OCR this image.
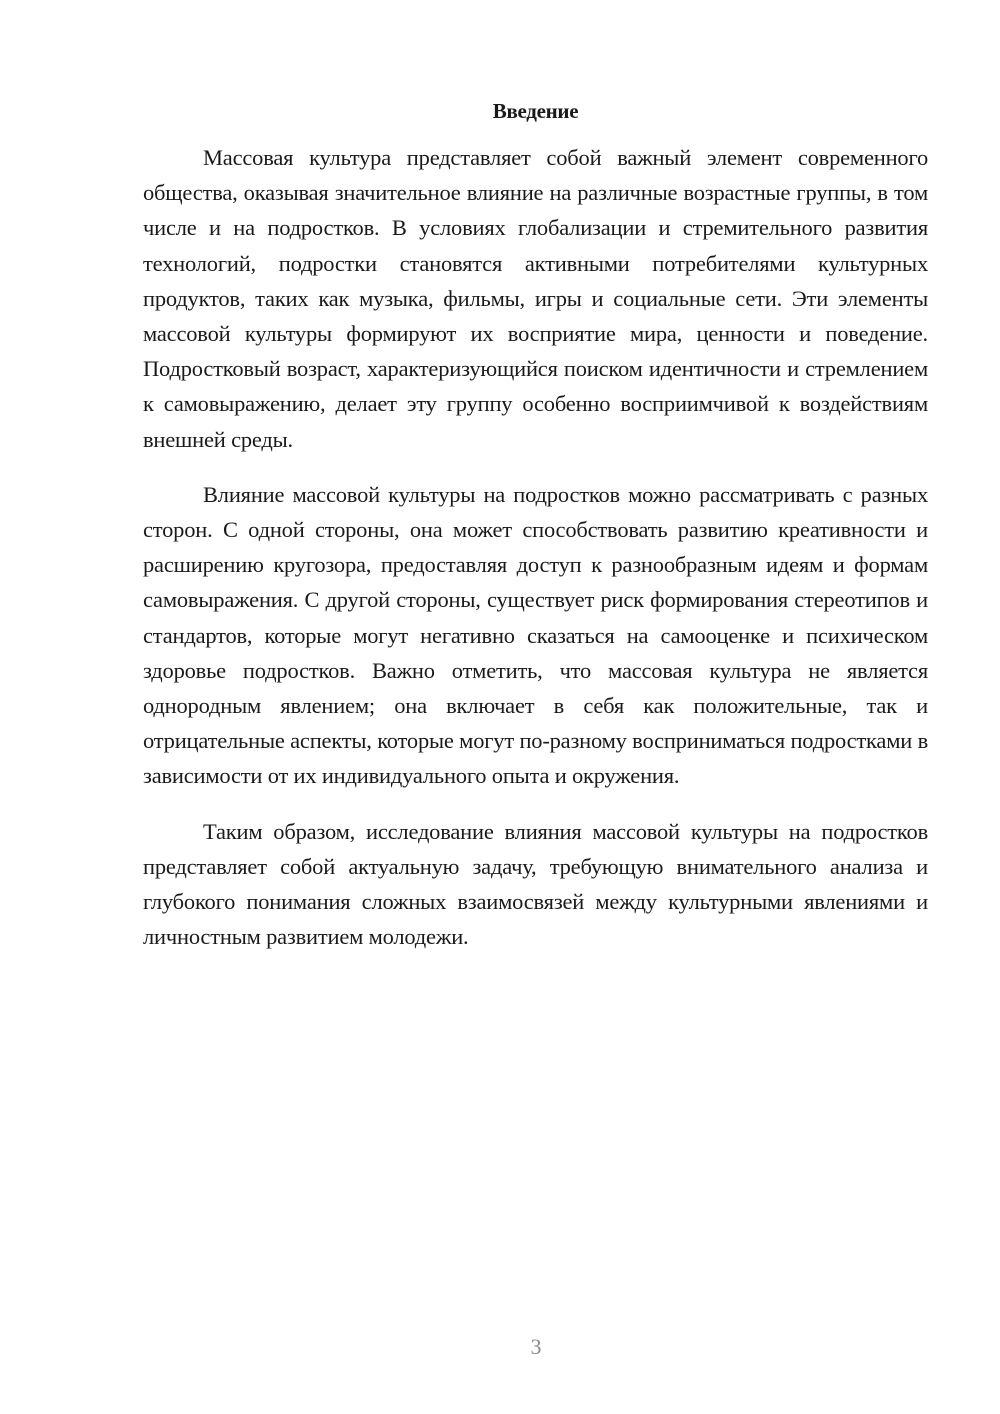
Введение

Массовая культура представляет собой важный элемент современного общества, оказывая значительное влияние на различные возрастные группы, в том числе и на подростков. В условиях глобализации и стремительного развития технологий, подростки становятся активными потребителями культурных продуктов, таких как музыка, фильмы, игры и социальные сети. Эти элементы массовой культуры формируют их восприятие мира, ценности и поведение. Подростковый возраст, характеризующийся поиском идентичности и стремлением к самовыражению, делает эту группу особенно восприимчивой к воздействиям внешней среды.

Влияние массовой культуры на подростков можно рассматривать с разных сторон. С одной стороны, она может способствовать развитию креативности и расширению кругозора, предоставляя доступ к разнообразным идеям и формам самовыражения. С другой стороны, существует риск формирования стереотипов и стандартов, которые могут негативно сказаться на самооценке и психическом здоровье подростков. Важно отметить, что массовая культура не является однородным явлением; она включает в себя как положительные, так и отрицательные аспекты, которые могут по-разному восприниматься подростками в зависимости от их индивидуального опыта и окружения.

Таким образом, исследование влияния массовой культуры на подростков представляет собой актуальную задачу, требующую внимательного анализа и глубокого понимания сложных взаимосвязей между культурными явлениями и личностным развитием молодежи.

3
